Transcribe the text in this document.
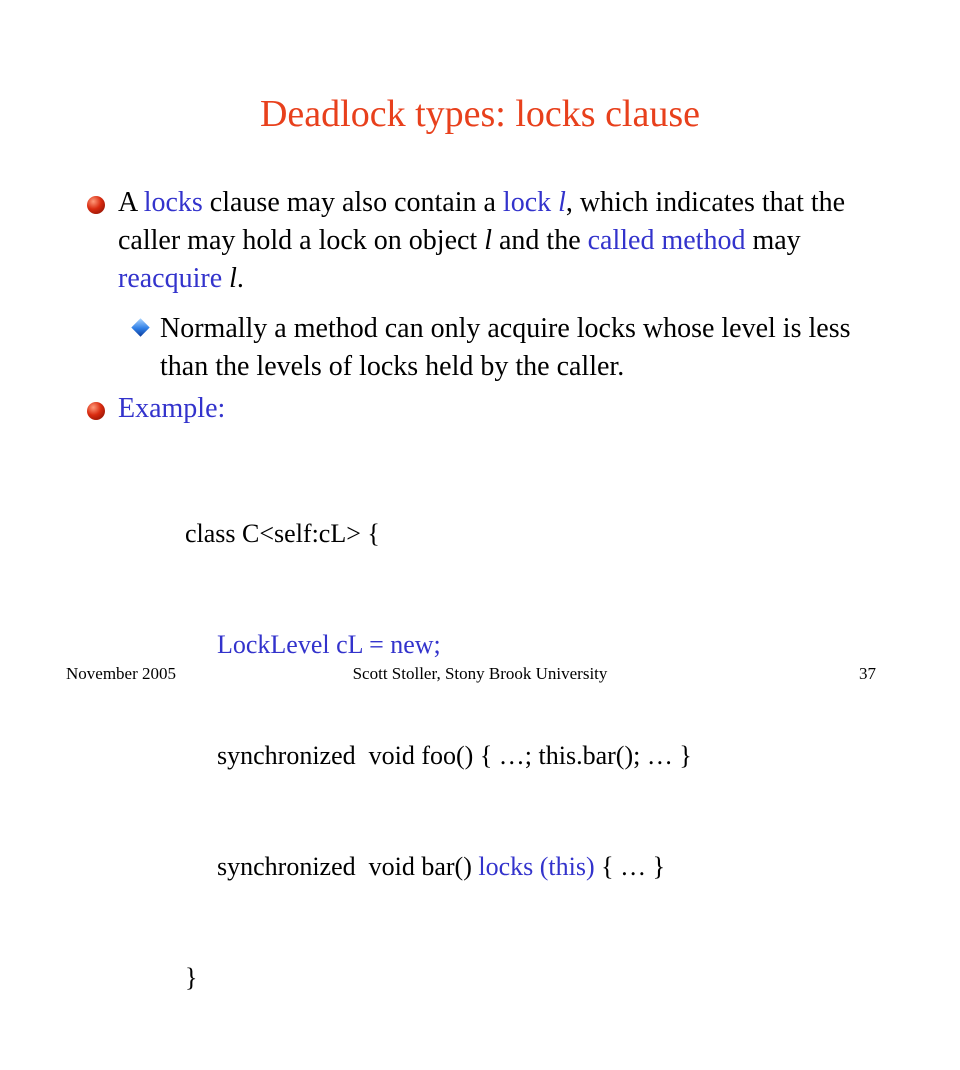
Deadlock types: locks clause
A locks clause may also contain a lock l, which indicates that the caller may hold a lock on object l and the called method may reacquire l.
Normally a method can only acquire locks whose level is less than the levels of locks held by the caller.
Example:

class C<self:cL> {

LockLevel cL = new;

synchronized  void foo() { …; this.bar(); … }

synchronized  void bar() locks (this) { … }

}

November 2005	Scott Stoller, Stony Brook University	37
